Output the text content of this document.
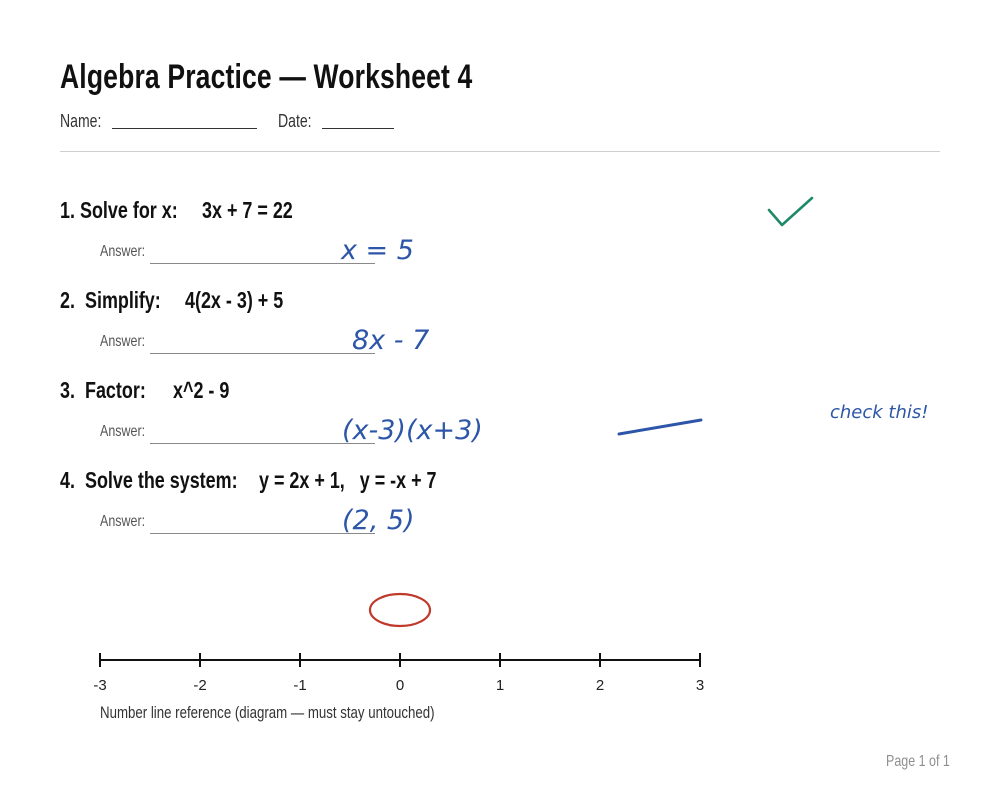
Algebra Practice — Worksheet 4
Name:	Date:
1. Solve for x:	3x + 7 = 22
Answer:	x = 5
2. Simplify:	4(2x - 3) + 5
Answer:	8x - 7
3. Factor:	x^2 - 9
Answer:	(x-3)(x+3)
4. Solve the system: y = 2x + 1,   y = -x + 7
Answer:	(2, 5)
check this!
-3	-2	-1	0	1	2	3
Number line reference (diagram — must stay untouched)
Page 1 of 1
